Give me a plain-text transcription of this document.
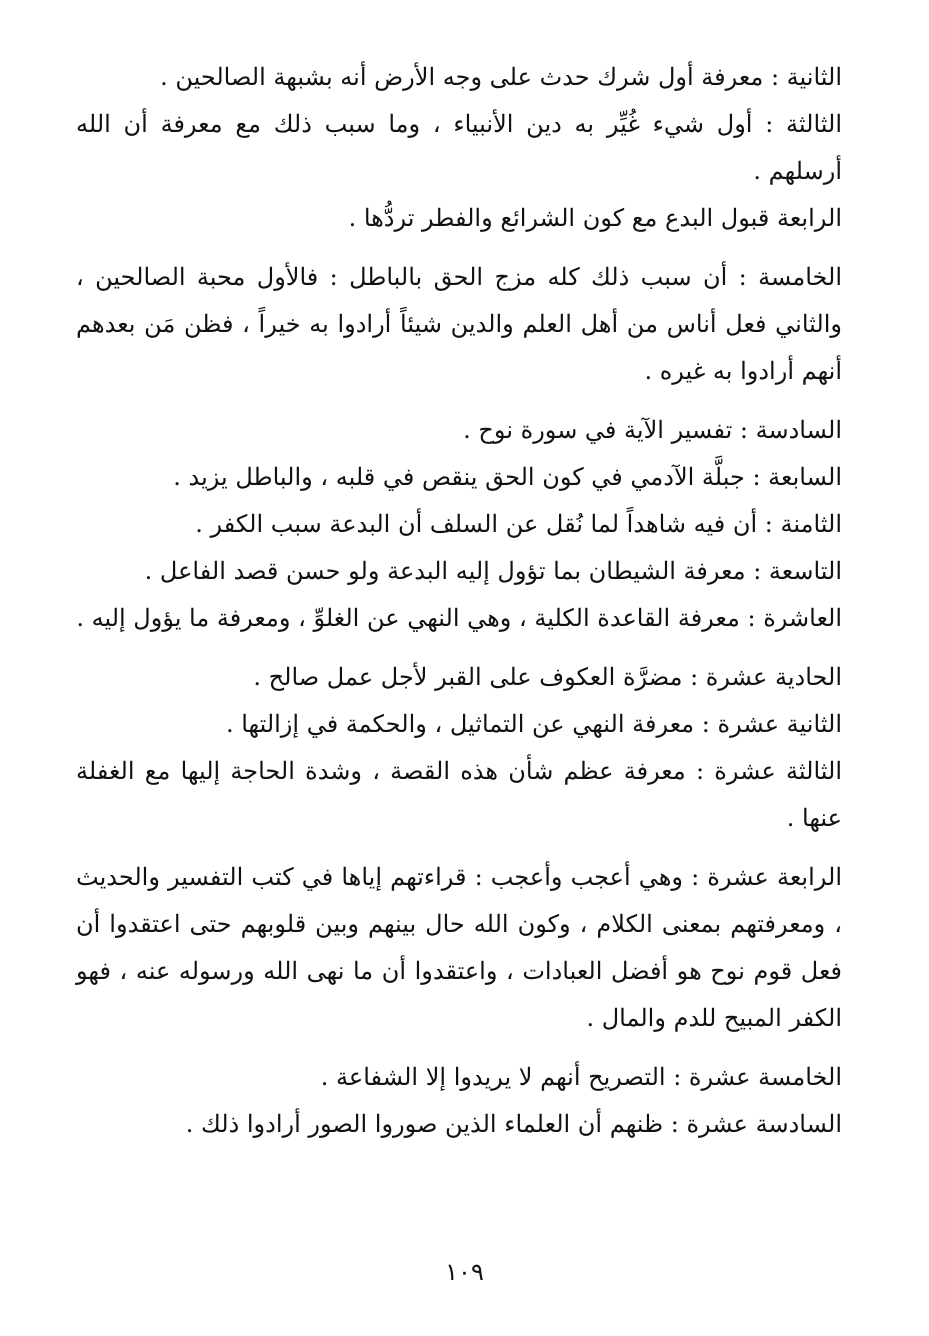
الثانية : معرفة أول شرك حدث على وجه الأرض أنه بشبهة الصالحين .

الثالثة : أول شيء غُيِّر به دين الأنبياء ، وما سبب ذلك مع معرفة أن الله أرسلهم .

الرابعة قبول البدع مع كون الشرائع والفطر تردُّها .

الخامسة : أن سبب ذلك كله مزج الحق بالباطل : فالأول محبة الصالحين ، والثاني فعل أناس من أهل العلم والدين شيئاً أرادوا به خيراً ، فظن مَن بعدهم أنهم أرادوا به غيره .

السادسة : تفسير الآية في سورة نوح .

السابعة : جبلَّة الآدمي في كون الحق ينقص في قلبه ، والباطل يزيد .

الثامنة : أن فيه شاهداً لما نُقل عن السلف أن البدعة سبب الكفر .

التاسعة : معرفة الشيطان بما تؤول إليه البدعة ولو حسن قصد الفاعل .

العاشرة : معرفة القاعدة الكلية ، وهي النهي عن الغلوِّ ، ومعرفة ما يؤول إليه .

الحادية عشرة : مضرَّة العكوف على القبر لأجل عمل صالح .

الثانية عشرة : معرفة النهي عن التماثيل ، والحكمة في إزالتها .

الثالثة عشرة : معرفة عظم شأن هذه القصة ، وشدة الحاجة إليها مع الغفلة عنها .

الرابعة عشرة : وهي أعجب وأعجب : قراءتهم إياها في كتب التفسير والحديث ، ومعرفتهم بمعنى الكلام ، وكون الله حال بينهم وبين قلوبهم حتى اعتقدوا أن فعل قوم نوح هو أفضل العبادات ، واعتقدوا أن ما نهى الله ورسوله عنه ، فهو الكفر المبيح للدم والمال .

الخامسة عشرة : التصريح أنهم لا يريدوا إلا الشفاعة .

السادسة عشرة : ظنهم أن العلماء الذين صوروا الصور أرادوا ذلك .

١٠٩
